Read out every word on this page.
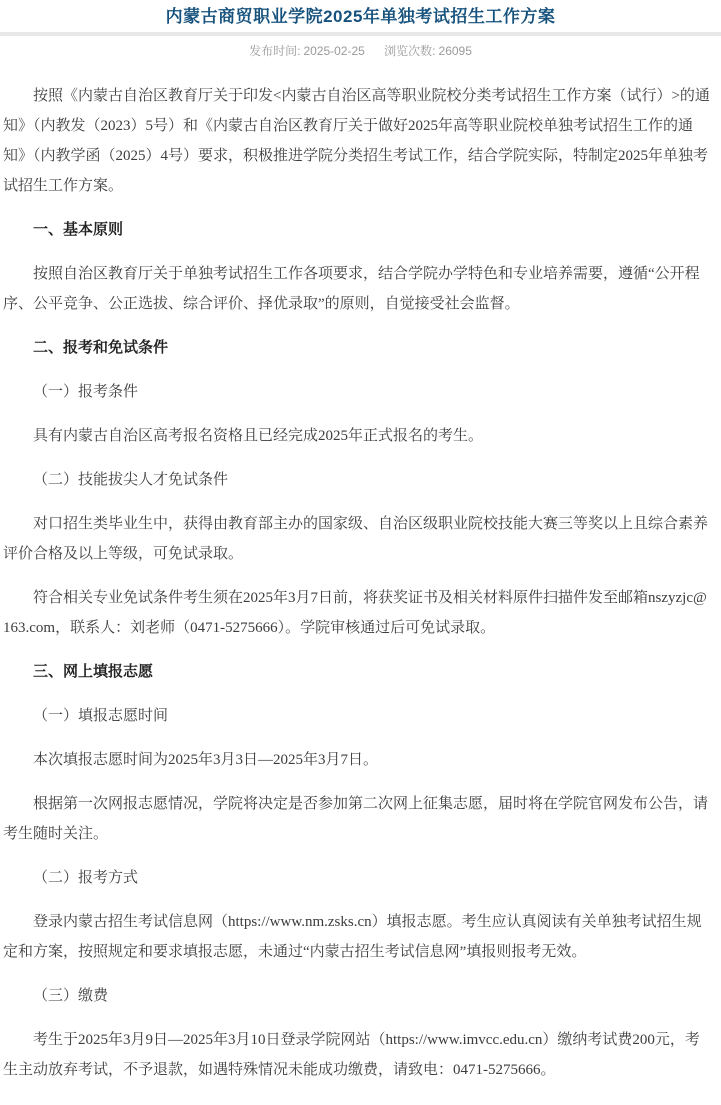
内蒙古商贸职业学院2025年单独考试招生工作方案
发布时间: 2025-02-25 浏览次数: 26095

按照《内蒙古自治区教育厅关于印发<内蒙古自治区高等职业院校分类考试招生工作方案（试行）>的通知》（内教发（2023）5号）和《内蒙古自治区教育厅关于做好2025年高等职业院校单独考试招生工作的通知》（内教学函（2025）4号）要求，积极推进学院分类招生考试工作，结合学院实际，特制定2025年单独考试招生工作方案。

一、基本原则

按照自治区教育厅关于单独考试招生工作各项要求，结合学院办学特色和专业培养需要，遵循“公开程序、公平竞争、公正选拔、综合评价、择优录取”的原则，自觉接受社会监督。

二、报考和免试条件

（一）报考条件

具有内蒙古自治区高考报名资格且已经完成2025年正式报名的考生。

（二）技能拔尖人才免试条件

对口招生类毕业生中，获得由教育部主办的国家级、自治区级职业院校技能大赛三等奖以上且综合素养评价合格及以上等级，可免试录取。

符合相关专业免试条件考生须在2025年3月7日前，将获奖证书及相关材料原件扫描件发至邮箱nszyzjc@163.com，联系人：刘老师（0471-5275666）。学院审核通过后可免试录取。

三、网上填报志愿

（一）填报志愿时间

本次填报志愿时间为2025年3月3日—2025年3月7日。

根据第一次网报志愿情况，学院将决定是否参加第二次网上征集志愿，届时将在学院官网发布公告，请考生随时关注。

（二）报考方式

登录内蒙古招生考试信息网（https://www.nm.zsks.cn）填报志愿。考生应认真阅读有关单独考试招生规定和方案，按照规定和要求填报志愿，未通过“内蒙古招生考试信息网”填报则报考无效。

（三）缴费

考生于2025年3月9日—2025年3月10日登录学院网站（https://www.imvcc.edu.cn）缴纳考试费200元，考生主动放弃考试，不予退款，如遇特殊情况未能成功缴费，请致电：0471-5275666。
